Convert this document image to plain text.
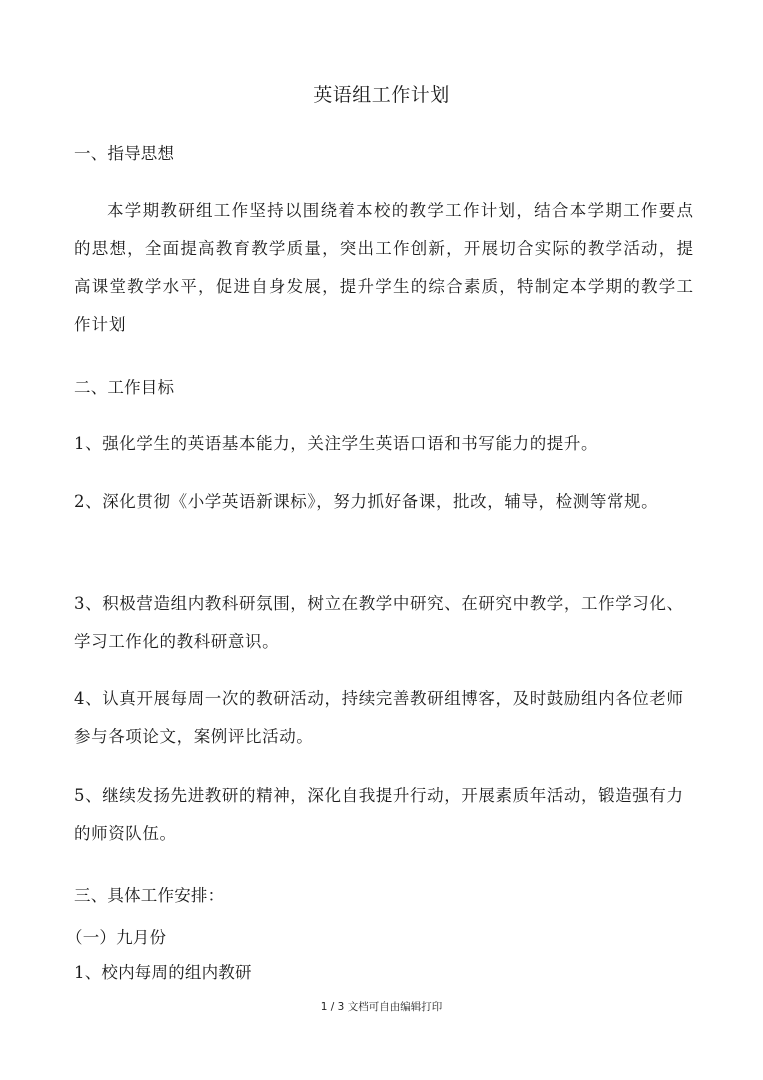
英语组工作计划
一、指导思想
本学期教研组工作坚持以围绕着本校的教学工作计划，结合本学期工作要点的思想，全面提高教育教学质量，突出工作创新，开展切合实际的教学活动，提高课堂教学水平，促进自身发展，提升学生的综合素质，特制定本学期的教学工作计划
二、工作目标
1、强化学生的英语基本能力，关注学生英语口语和书写能力的提升。
2、深化贯彻《小学英语新课标》，努力抓好备课，批改，辅导，检测等常规。
3、积极营造组内教科研氛围，树立在教学中研究、在研究中教学，工作学习化、学习工作化的教科研意识。
4、认真开展每周一次的教研活动，持续完善教研组博客，及时鼓励组内各位老师参与各项论文，案例评比活动。
5、继续发扬先进教研的精神，深化自我提升行动，开展素质年活动，锻造强有力的师资队伍。
三、具体工作安排：
（一）九月份
1、校内每周的组内教研
1 / 3 文档可自由编辑打印
